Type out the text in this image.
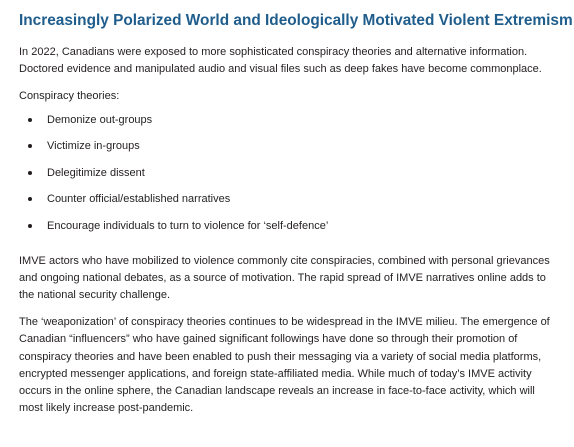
Increasingly Polarized World and Ideologically Motivated Violent Extremism

In 2022, Canadians were exposed to more sophisticated conspiracy theories and alternative information. Doctored evidence and manipulated audio and visual files such as deep fakes have become commonplace.

Conspiracy theories:

Demonize out-groups
Victimize in-groups
Delegitimize dissent
Counter official/established narratives
Encourage individuals to turn to violence for ‘self-defence’

IMVE actors who have mobilized to violence commonly cite conspiracies, combined with personal grievances and ongoing national debates, as a source of motivation. The rapid spread of IMVE narratives online adds to the national security challenge.

The ‘weaponization’ of conspiracy theories continues to be widespread in the IMVE milieu. The emergence of Canadian “influencers” who have gained significant followings have done so through their promotion of conspiracy theories and have been enabled to push their messaging via a variety of social media platforms, encrypted messenger applications, and foreign state-affiliated media. While much of today’s IMVE activity occurs in the online sphere, the Canadian landscape reveals an increase in face-to-face activity, which will most likely increase post-pandemic.
